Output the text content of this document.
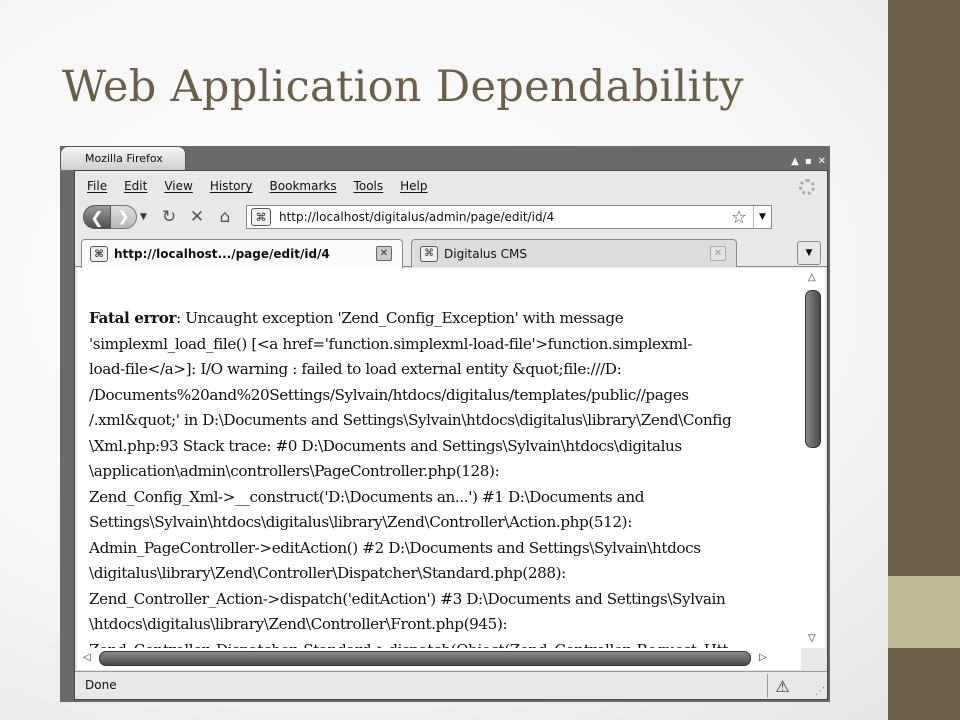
Web Application Dependability
Mozilla Firefox	▲ ▪ ✕
File Edit View History Bookmarks Tools Help
❮ ❯ ▼ ↻ ✕ ⌂	⌘	http://localhost/digitalus/admin/page/edit/id/4	☆	▼
⌘ http://localhost.../page/edit/id/4	✕	⌘ Digitalus CMS	✕	▼
Fatal error: Uncaught exception 'Zend_Config_Exception' with message
'simplexml_load_file() [<a href='function.simplexml-load-file'>function.simplexml-
load-file</a>]: I/O warning : failed to load external entity &quot;file:///D:
/Documents%20and%20Settings/Sylvain/htdocs/digitalus/templates/public//pages
/.xml&quot;' in D:\Documents and Settings\Sylvain\htdocs\digitalus\library\Zend\Config
\Xml.php:93 Stack trace: #0 D:\Documents and Settings\Sylvain\htdocs\digitalus
\application\admin\controllers\PageController.php(128):
Zend_Config_Xml->__construct('D:\Documents an...') #1 D:\Documents and
Settings\Sylvain\htdocs\digitalus\library\Zend\Controller\Action.php(512):
Admin_PageController->editAction() #2 D:\Documents and Settings\Sylvain\htdocs
\digitalus\library\Zend\Controller\Dispatcher\Standard.php(288):
Zend_Controller_Action->dispatch('editAction') #3 D:\Documents and Settings\Sylvain
\htdocs\digitalus\library\Zend\Controller\Front.php(945):
△
▽
◁	▷
Done	⚠	⋰
